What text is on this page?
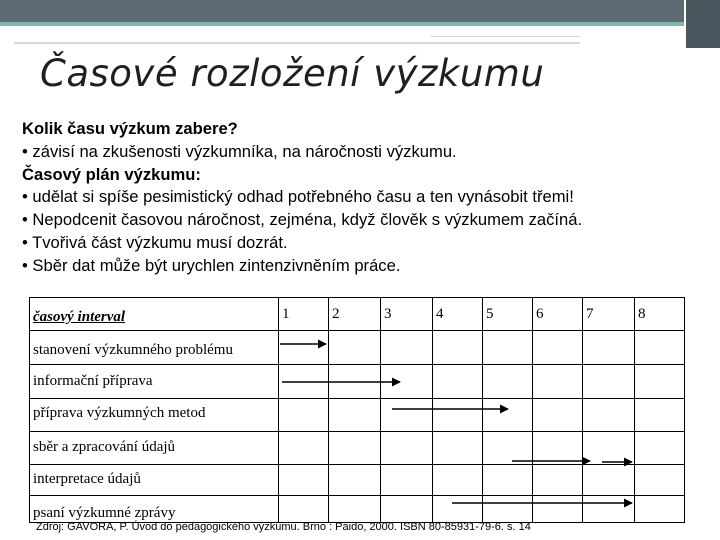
Časové rozložení výzkumu
Kolik času výzkum zabere?
• závisí na zkušenosti výzkumníka, na náročnosti výzkumu.
Časový plán výzkumu:
• udělat si spíše pesimistický odhad potřebného času a ten vynásobit třemi!
• Nepodcenit časovou náročnost, zejména, když člověk s výzkumem začíná.
• Tvořivá část výzkumu musí dozrát.
• Sběr dat může být urychlen zintenzivněním práce.
časový interval	1	2	3	4	5	6	7	8
stanovení výzkumného problému
informační příprava
příprava výzkumných metod
sběr a zpracování údajů
interpretace údajů
psaní výzkumné zprávy
Zdroj: GAVORA, P. Úvod do pedagogického výzkumu. Brno : Paido, 2000. ISBN 80-85931-79-6. s. 14
